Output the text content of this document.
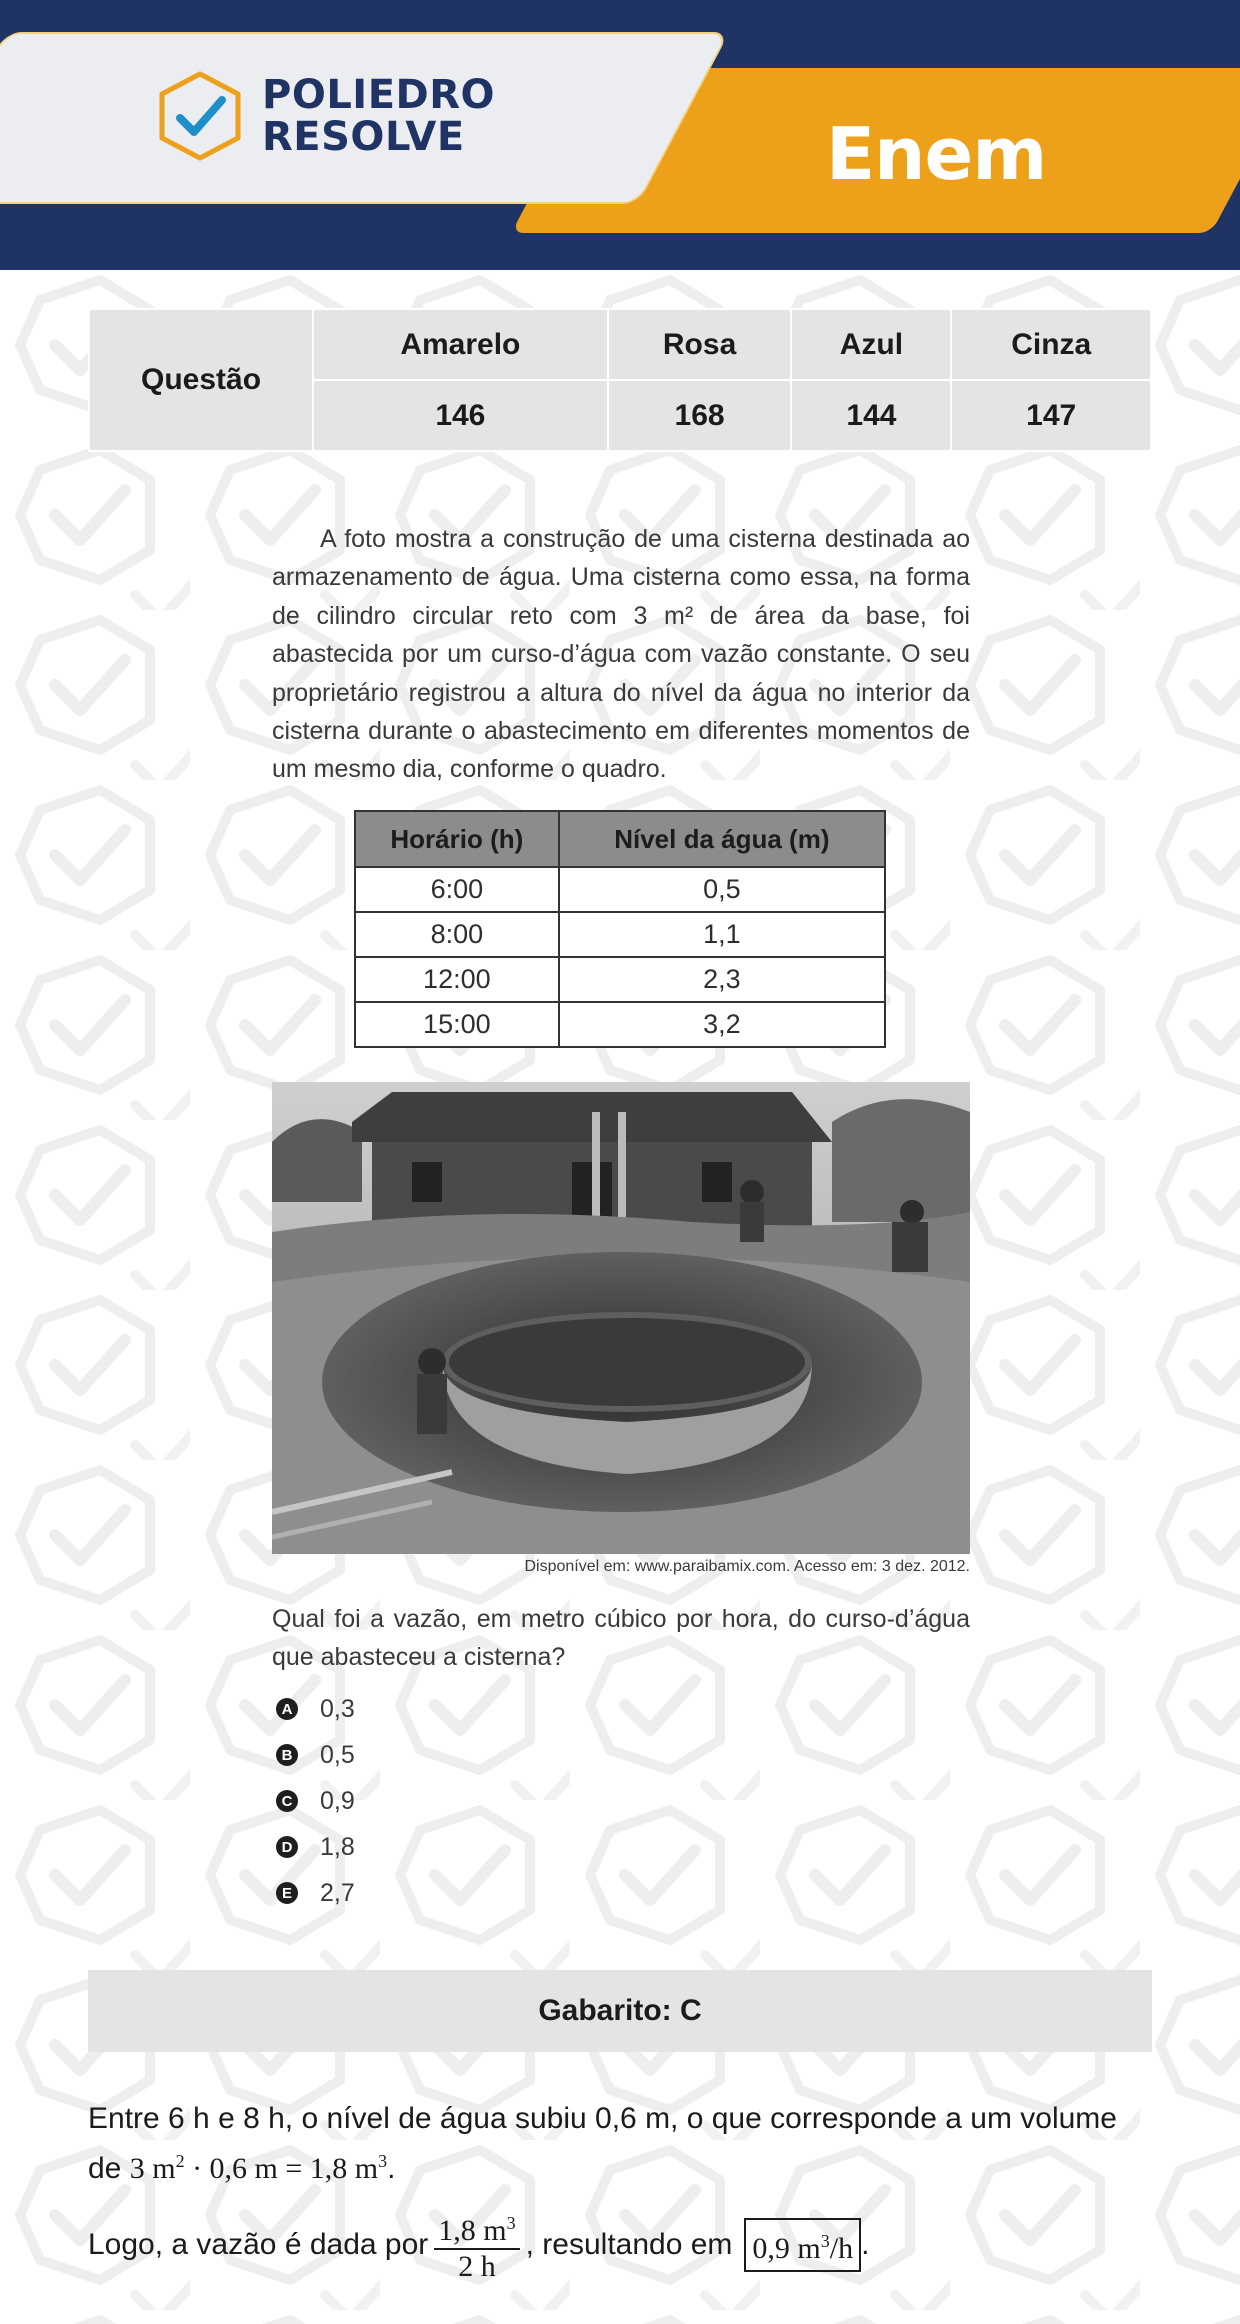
POLIEDRO
RESOLVE	Enem
Questão	Amarelo	Rosa	Azul	Cinza
	146	168	144	147

A foto mostra a construção de uma cisterna destinada ao armazenamento de água. Uma cisterna como essa, na forma de cilindro circular reto com 3 m² de área da base, foi abastecida por um curso-d’água com vazão constante. O seu proprietário registrou a altura do nível da água no interior da cisterna durante o abastecimento em diferentes momentos de um mesmo dia, conforme o quadro.

Horário (h)	Nível da água (m)
6:00	0,5
8:00	1,1
12:00	2,3
15:00	3,2
Disponível em: www.paraibamix.com. Acesso em: 3 dez. 2012.
Qual foi a vazão, em metro cúbico por hora, do curso-d’água que abasteceu a cisterna?
A 0,3
B 0,5
C 0,9
D 1,8
E 2,7
Gabarito: C
Entre 6 h e 8 h, o nível de água subiu 0,6 m, o que corresponde a um volume
de 3 $m^2 \cdot 0,6$ m = 1,8 $m^3$.
Logo, a vazão é dada por $\frac{1,8 m^3}{2 h}$ , resultando em 0,9 $m^3/h$ .
